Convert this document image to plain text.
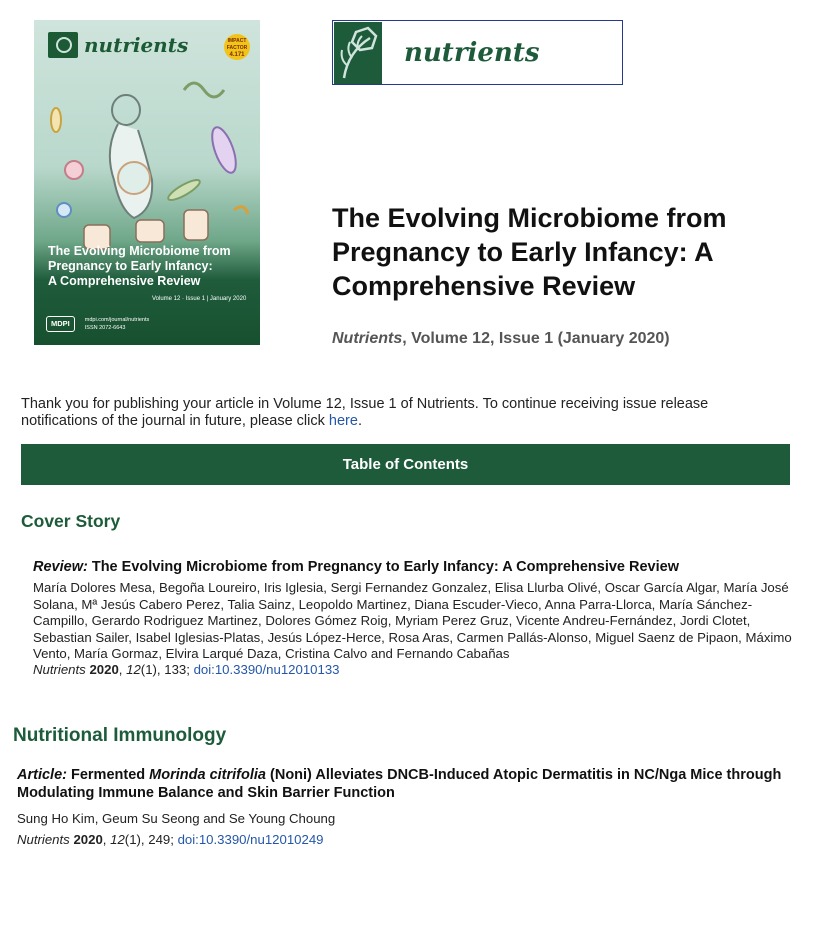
nutrients	IMPACT
FACTOR
4.171
The Evolving Microbiome from
Pregnancy to Early Infancy:
A Comprehensive Review
Volume 12 · Issue 1 | January 2020
MDPI	mdpi.com/journal/nutrients
ISSN 2072-6643
nutrients
The Evolving Microbiome from Pregnancy to Early Infancy: A Comprehensive Review
Nutrients, Volume 12, Issue 1 (January 2020)
Thank you for publishing your article in Volume 12, Issue 1 of Nutrients. To continue receiving issue release notifications of the journal in future, please click here.
Table of Contents
Cover Story
Review: The Evolving Microbiome from Pregnancy to Early Infancy: A Comprehensive Review
María Dolores Mesa, Begoña Loureiro, Iris Iglesia, Sergi Fernandez Gonzalez, Elisa Llurba Olivé, Oscar García Algar, María José Solana, Mª Jesús Cabero Perez, Talia Sainz, Leopoldo Martinez, Diana Escuder-Vieco, Anna Parra-Llorca, María Sánchez-Campillo, Gerardo Rodriguez Martinez, Dolores Gómez Roig, Myriam Perez Gruz, Vicente Andreu-Fernández, Jordi Clotet, Sebastian Sailer, Isabel Iglesias-Platas, Jesús López-Herce, Rosa Aras, Carmen Pallás-Alonso, Miguel Saenz de Pipaon, Máximo Vento, María Gormaz, Elvira Larqué Daza, Cristina Calvo and Fernando Cabañas
Nutrients 2020, 12(1), 133; doi:10.3390/nu12010133
Nutritional Immunology
Article: Fermented Morinda citrifolia (Noni) Alleviates DNCB-Induced Atopic Dermatitis in NC/Nga Mice through Modulating Immune Balance and Skin Barrier Function
Sung Ho Kim, Geum Su Seong and Se Young Choung
Nutrients 2020, 12(1), 249; doi:10.3390/nu12010249
